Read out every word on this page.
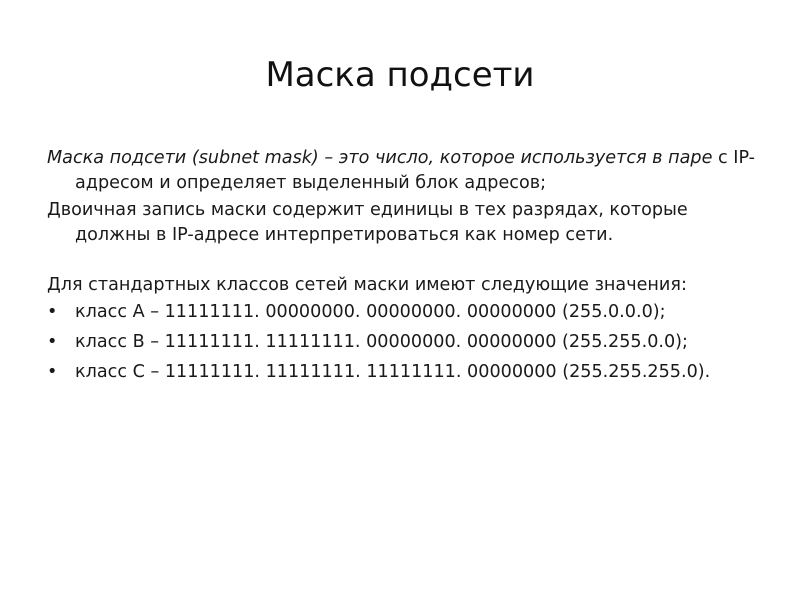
Маска подсети

Маска подсети (subnet mask) – это число, которое используется в паре с IP-адресом и определяет выделенный блок адресов;

Двоичная запись маски содержит единицы в тех разрядах, которые должны в IP-адресе интерпретироваться как номер сети.

Для стандартных классов сетей маски имеют следующие значения:

•	класс A – 11111111. 00000000. 00000000. 00000000 (255.0.0.0);
•	класс B – 11111111. 11111111. 00000000. 00000000 (255.255.0.0);
•	класс C – 11111111. 11111111. 11111111. 00000000 (255.255.255.0).
